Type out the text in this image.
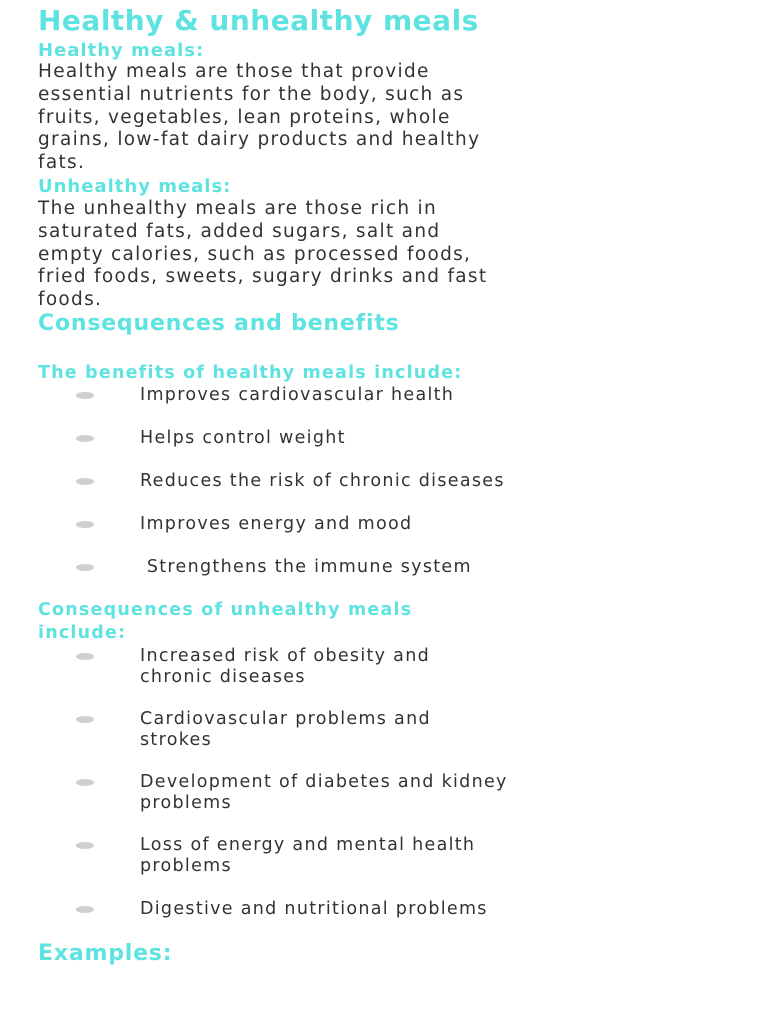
Healthy & unhealthy meals
Healthy meals:

Healthy meals are those that provide
essential nutrients for the body, such as
fruits, vegetables, lean proteins, whole
grains, low-fat dairy products and healthy
fats.

Unhealthy meals:

The unhealthy meals are those rich in
saturated fats, added sugars, salt and
empty calories, such as processed foods,
fried foods, sweets, sugary drinks and fast
foods.

Consequences and benefits
The benefits of healthy meals include:

Improves cardiovascular health

Helps control weight

Reduces the risk of chronic diseases

Improves energy and mood

Strengthens the immune system

Consequences of unhealthy meals
include:

Increased risk of obesity and
chronic diseases

Cardiovascular problems and
strokes

Development of diabetes and kidney
problems

Loss of energy and mental health
problems

Digestive and nutritional problems

Examples:
